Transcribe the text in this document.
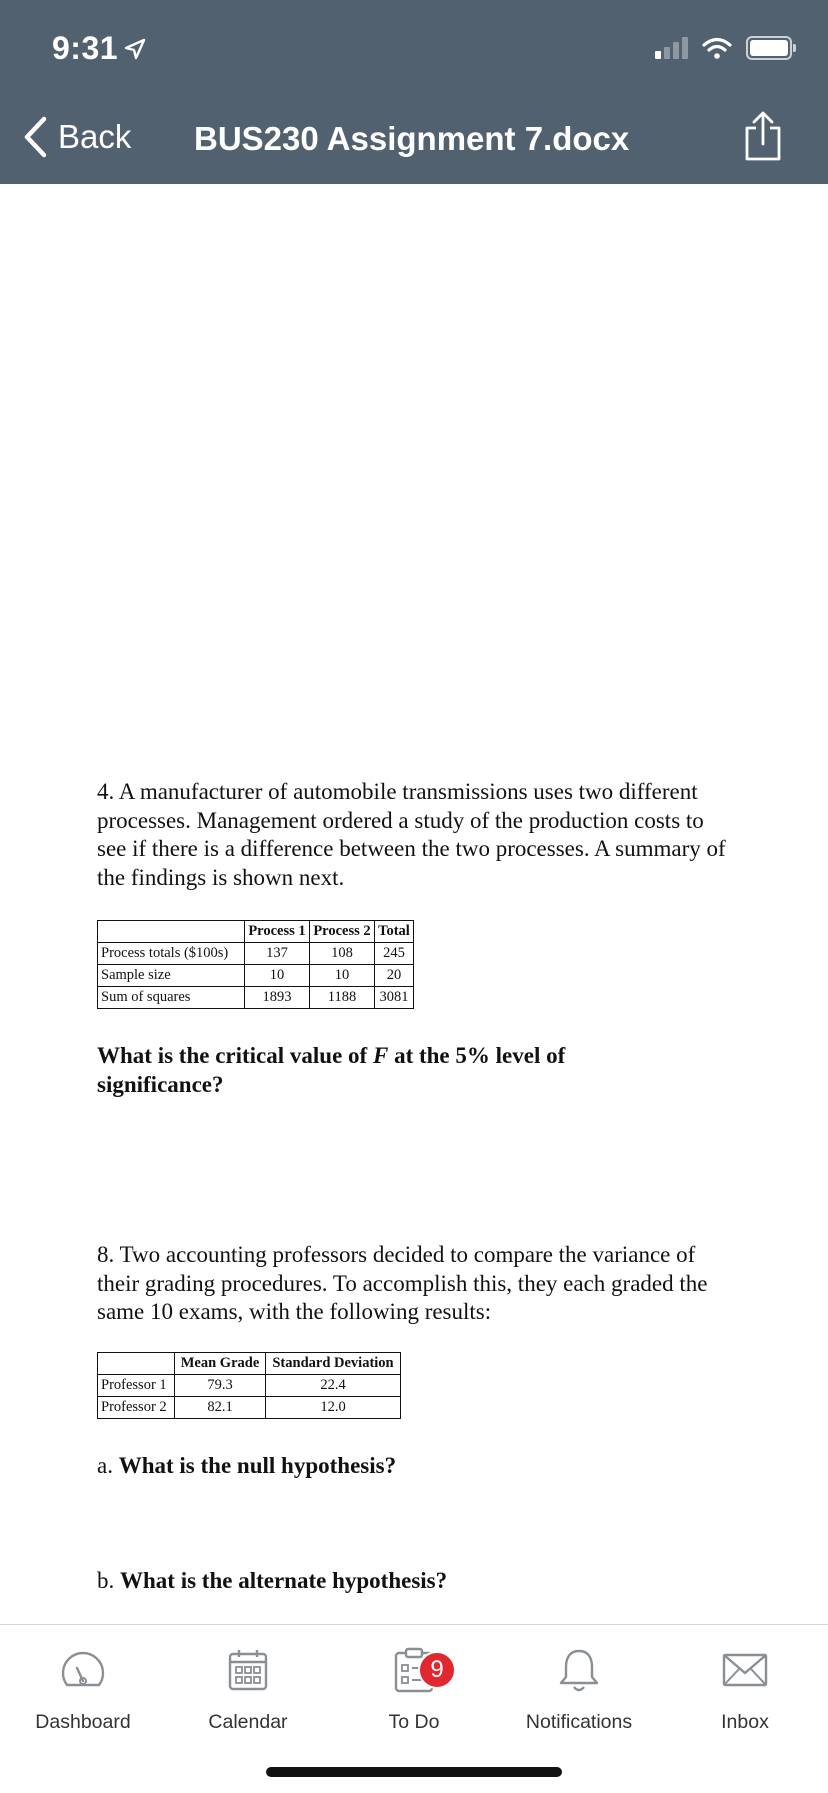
9:31
Back BUS230 Assignment 7.docx

4. A manufacturer of automobile transmissions uses two different processes. Management ordered a study of the production costs to see if there is a difference between the two processes. A summary of the findings is shown next.

	Process 1	Process 2	Total
Process totals ($100s)	137	108	245
Sample size	10	10	20
Sum of squares	1893	1188	3081

What is the critical value of F at the 5% level of significance?

8. Two accounting professors decided to compare the variance of their grading procedures. To accomplish this, they each graded the same 10 exams, with the following results:

	Mean Grade	Standard Deviation
Professor 1	79.3	22.4
Professor 2	82.1	12.0

a. What is the null hypothesis?

b. What is the alternate hypothesis?

Dashboard	Calendar
9
To Do	Notifications	Inbox
